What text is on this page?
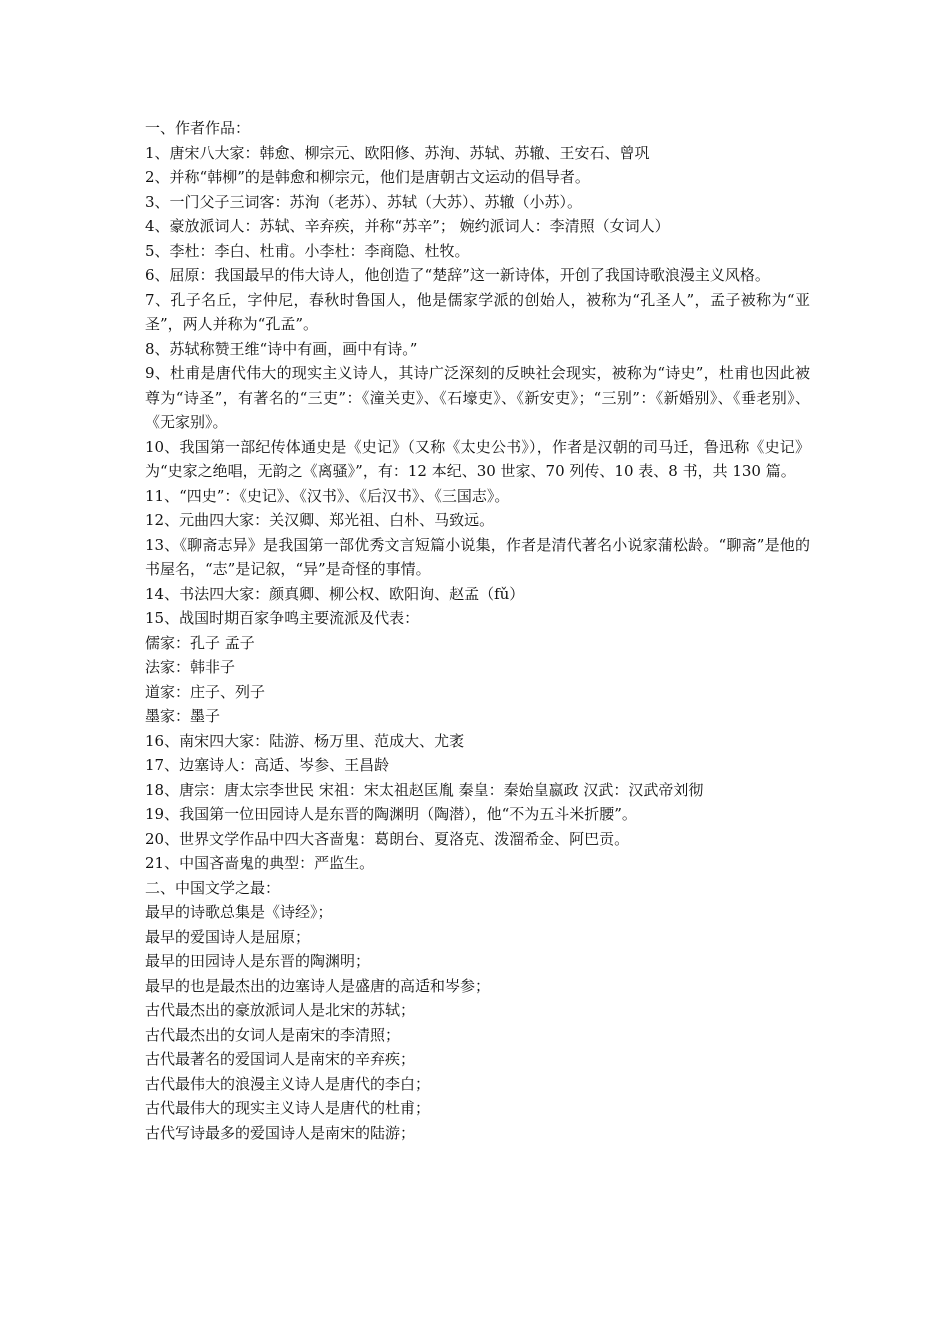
一、作者作品：
1、唐宋八大家：韩愈、柳宗元、欧阳修、苏洵、苏轼、苏辙、王安石、曾巩
2、并称“韩柳”的是韩愈和柳宗元，他们是唐朝古文运动的倡导者。
3、一门父子三词客：苏洵（老苏）、苏轼（大苏）、苏辙（小苏）。
4、豪放派词人：苏轼、辛弃疾，并称“苏辛”； 婉约派词人：李清照（女词人）
5、李杜：李白、杜甫。小李杜：李商隐、杜牧。
6、屈原：我国最早的伟大诗人，他创造了“楚辞”这一新诗体，开创了我国诗歌浪漫主义风格。
7、孔子名丘，字仲尼，春秋时鲁国人，他是儒家学派的创始人，被称为“孔圣人”，孟子被称为“亚圣”，两人并称为“孔孟”。
8、苏轼称赞王维“诗中有画，画中有诗。”
9、杜甫是唐代伟大的现实主义诗人，其诗广泛深刻的反映社会现实，被称为“诗史”，杜甫也因此被尊为“诗圣”，有著名的“三吏”：《潼关吏》、《石壕吏》、《新安吏》；“三别”：《新婚别》、《垂老别》、《无家别》。
10、我国第一部纪传体通史是《史记》（又称《太史公书》），作者是汉朝的司马迁，鲁迅称《史记》为“史家之绝唱，无韵之《离骚》”，有：12 本纪、30 世家、70 列传、10 表、8 书，共 130 篇。
11、“四史”：《史记》、《汉书》、《后汉书》、《三国志》。
12、元曲四大家：关汉卿、郑光祖、白朴、马致远。
13、《聊斋志异》是我国第一部优秀文言短篇小说集，作者是清代著名小说家蒲松龄。“聊斋”是他的书屋名，“志”是记叙，“异”是奇怪的事情。
14、书法四大家：颜真卿、柳公权、欧阳询、赵孟（fǔ）
15、战国时期百家争鸣主要流派及代表：
儒家：孔子 孟子
法家：韩非子
道家：庄子、列子
墨家：墨子
16、南宋四大家：陆游、杨万里、范成大、尤袤
17、边塞诗人：高适、岑参、王昌龄
18、唐宗：唐太宗李世民 宋祖：宋太祖赵匡胤 秦皇：秦始皇嬴政 汉武：汉武帝刘彻
19、我国第一位田园诗人是东晋的陶渊明（陶潜），他“不为五斗米折腰”。
20、世界文学作品中四大吝啬鬼：葛朗台、夏洛克、泼溜希金、阿巴贡。
21、中国吝啬鬼的典型：严监生。
二、中国文学之最：
最早的诗歌总集是《诗经》；
最早的爱国诗人是屈原；
最早的田园诗人是东晋的陶渊明；
最早的也是最杰出的边塞诗人是盛唐的高适和岑参；
古代最杰出的豪放派词人是北宋的苏轼；
古代最杰出的女词人是南宋的李清照；
古代最著名的爱国词人是南宋的辛弃疾；
古代最伟大的浪漫主义诗人是唐代的李白；
古代最伟大的现实主义诗人是唐代的杜甫；
古代写诗最多的爱国诗人是南宋的陆游；
